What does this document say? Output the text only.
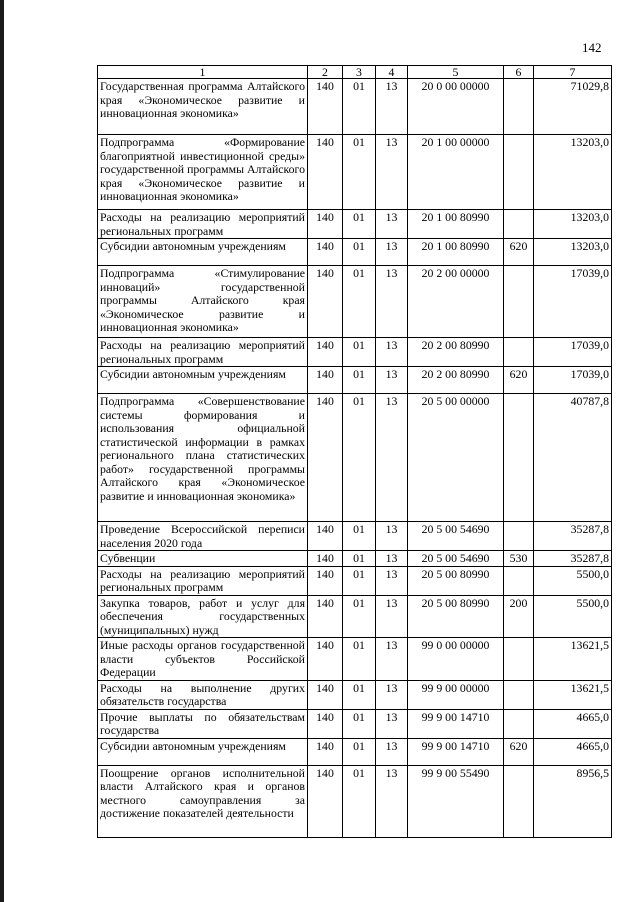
142
1	2	3	4	5	6	7
Государственная программа Алтайского края «Экономическое развитие и инновационная экономика»	140	01	13	20 0 00 00000		71029,8
Подпрограмма «Формирование благоприятной инвестиционной среды» государственной программы Алтайского края «Экономическое развитие и инновационная экономика»	140	01	13	20 1 00 00000		13203,0
Расходы на реализацию мероприятий региональных программ	140	01	13	20 1 00 80990		13203,0
Субсидии автономным учреждениям	140	01	13	20 1 00 80990	620	13203,0
Подпрограмма «Стимулирование инноваций» государственной программы Алтайского края «Экономическое развитие и инновационная экономика»	140	01	13	20 2 00 00000		17039,0
Расходы на реализацию мероприятий региональных программ	140	01	13	20 2 00 80990		17039,0
Субсидии автономным учреждениям	140	01	13	20 2 00 80990	620	17039,0
Подпрограмма «Совершенствование системы формирования и использования официальной статистической информации в рамках регионального плана статистических работ» государственной программы Алтайского края «Экономическое развитие и инновационная экономика»	140	01	13	20 5 00 00000		40787,8
Проведение Всероссийской переписи населения 2020 года	140	01	13	20 5 00 54690		35287,8
Субвенции	140	01	13	20 5 00 54690	530	35287,8
Расходы на реализацию мероприятий региональных программ	140	01	13	20 5 00 80990		5500,0
Закупка товаров, работ и услуг для обеспечения государственных (муниципальных) нужд	140	01	13	20 5 00 80990	200	5500,0
Иные расходы органов государственной власти субъектов Российской Федерации	140	01	13	99 0 00 00000		13621,5
Расходы на выполнение других обязательств государства	140	01	13	99 9 00 00000		13621,5
Прочие выплаты по обязательствам государства	140	01	13	99 9 00 14710		4665,0
Субсидии автономным учреждениям	140	01	13	99 9 00 14710	620	4665,0
Поощрение органов исполнительной власти Алтайского края и органов местного самоуправления за достижение показателей деятельности	140	01	13	99 9 00 55490		8956,5
